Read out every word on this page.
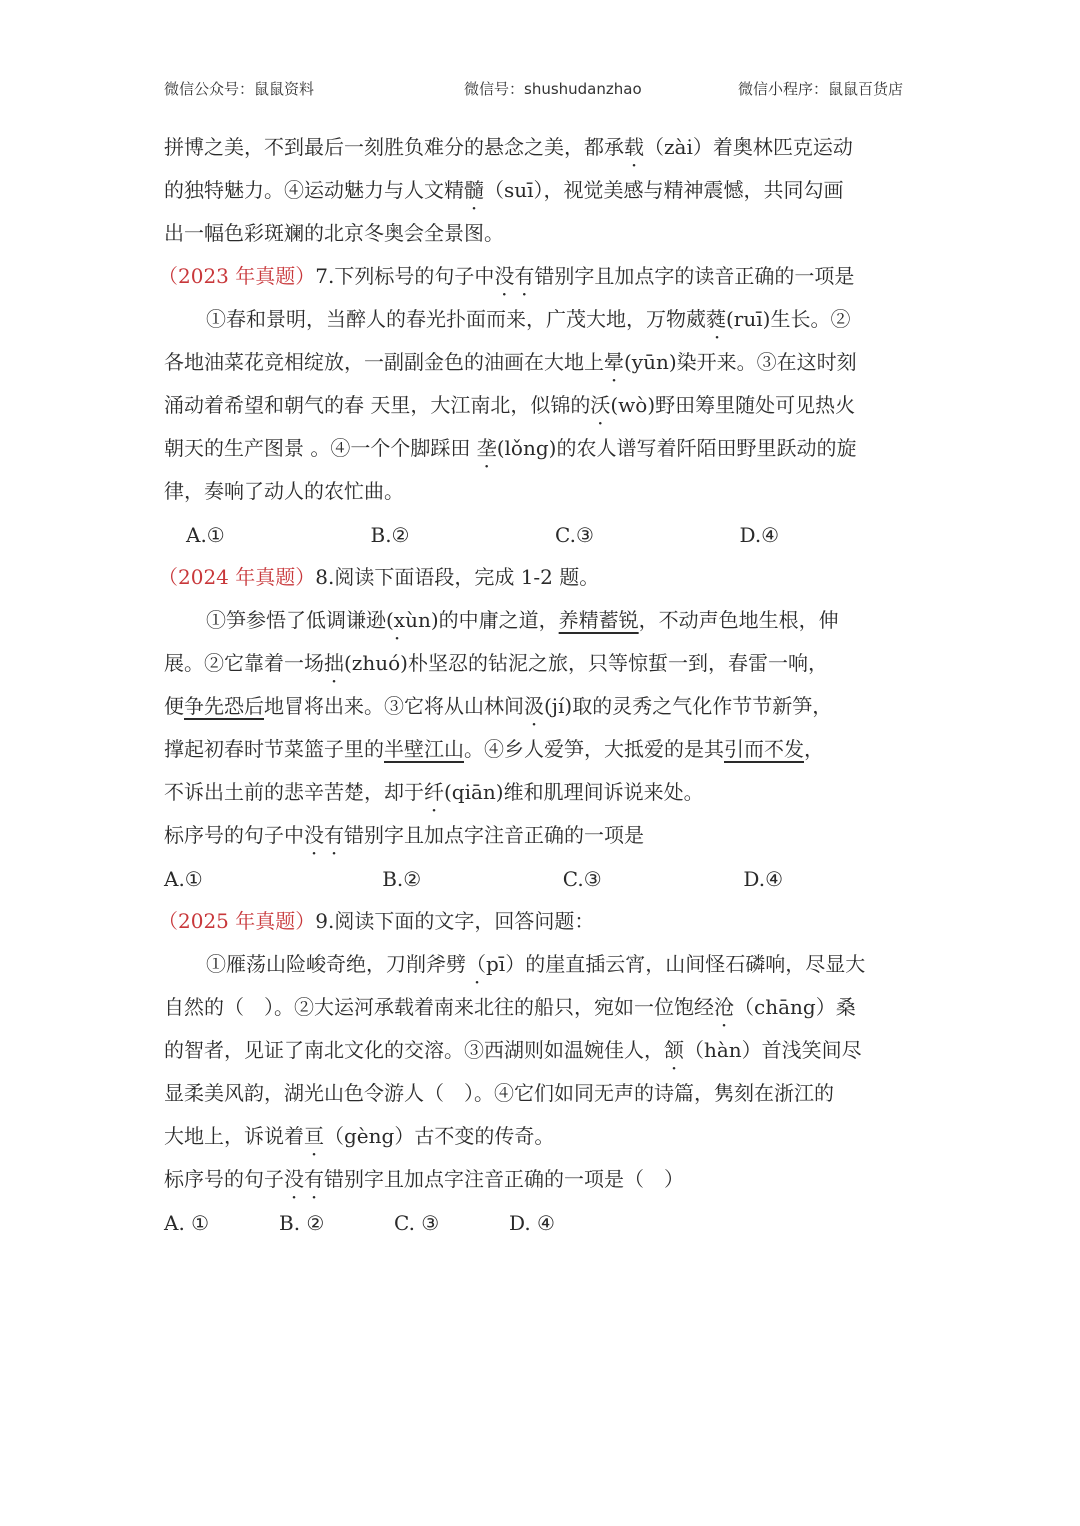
微信公众号：鼠鼠资料	微信号：shushudanzhao	微信小程序：鼠鼠百货店

拼博之美，不到最后一刻胜负难分的悬念之美，都承载（zài）着奥林匹克运动

的独特魅力。④运动魅力与人文精髓（suī），视觉美感与精神震憾，共同勾画

出一幅色彩斑斓的北京冬奥会全景图。

（2023 年真题）7.下列标号的句子中没有错别字且加点字的读音正确的一项是

①春和景明，当醉人的春光扑面而来，广茂大地，万物葳蕤(ruī)生长。②

各地油菜花竞相绽放，一副副金色的油画在大地上晕(yūn)染开来。③在这时刻

涌动着希望和朝气的春 天里，大江南北，似锦的沃(wò)野田筹里随处可见热火

朝天的生产图景 。④一个个脚踩田 垄(lǒng)的农人谱写着阡陌田野里跃动的旋

律，奏响了动人的农忙曲。

A.①	B.②	C.③	D.④

（2024 年真题）8.阅读下面语段，完成 1-2 题。

①笋参悟了低调谦逊(xùn)的中庸之道，养精蓄锐，不动声色地生根，伸

展。②它靠着一场拙(zhuó)朴坚忍的钻泥之旅，只等惊蜇一到，春雷一响，

便争先恐后地冒将出来。③它将从山林间汲(jí)取的灵秀之气化作节节新笋，

撑起初春时节菜篮子里的半壁江山。④乡人爱笋，大抵爱的是其引而不发，

不诉出土前的悲辛苦楚，却于纤(qiān)维和肌理间诉说来处。

标序号的句子中没有错别字且加点字注音正确的一项是

A.①	B.②	C.③	D.④

（2025 年真题）9.阅读下面的文字，回答问题：

①雁荡山险峻奇绝，刀削斧劈（pī）的崖直插云宵，山间怪石磷响，尽显大

自然的（　）。②大运河承载着南来北往的船只，宛如一位饱经沧（chāng）桑

的智者，见证了南北文化的交溶。③西湖则如温婉佳人，颔（hàn）首浅笑间尽

显柔美风韵，湖光山色令游人（　）。④它们如同无声的诗篇，隽刻在浙江的

大地上，诉说着亘（gèng）古不变的传奇。

标序号的句子没有错别字且加点字注音正确的一项是（　）

A. ①	B. ②	C. ③	D. ④
